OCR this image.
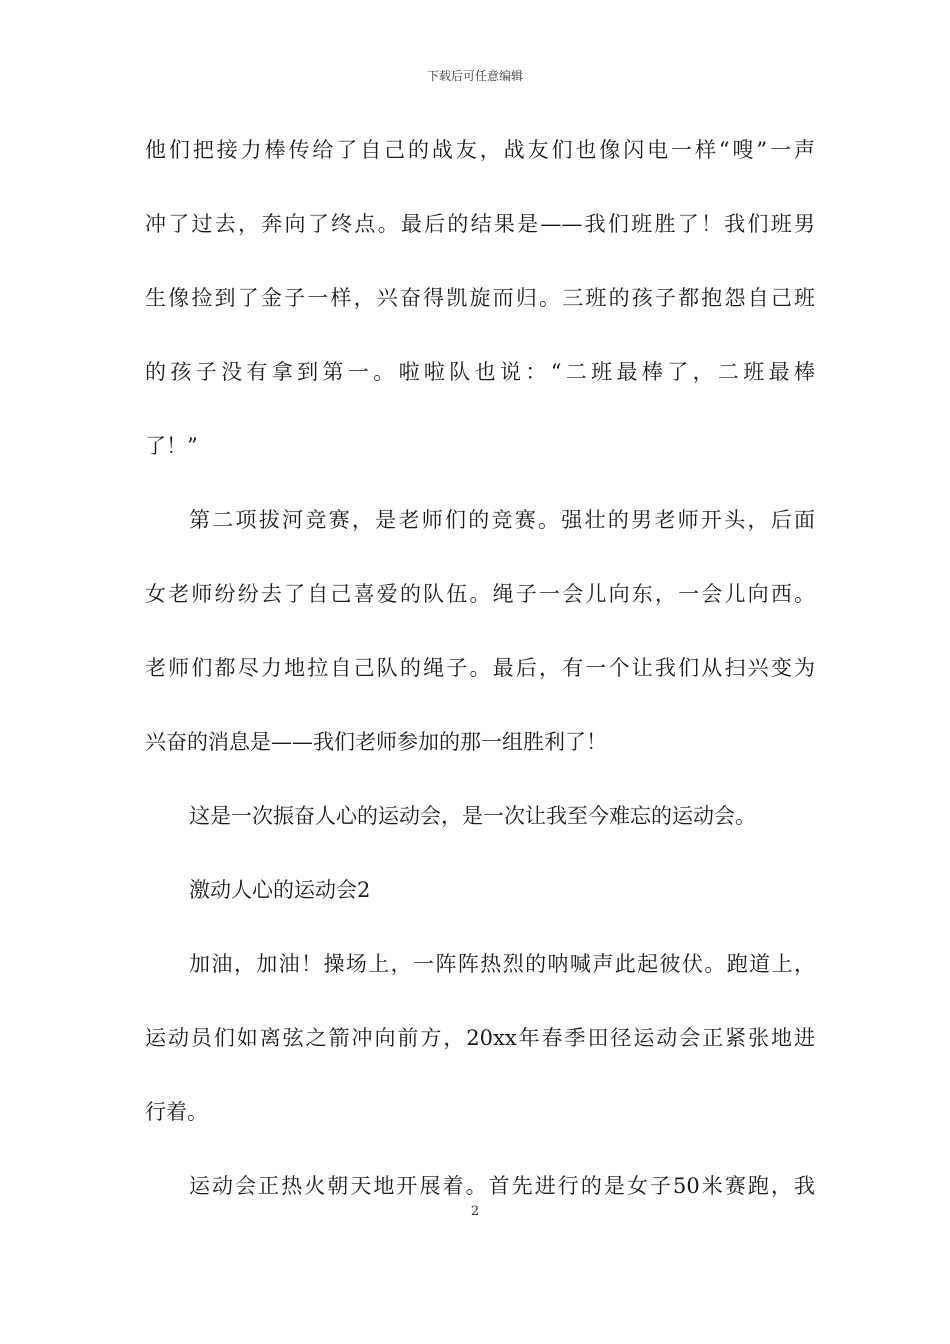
下载后可任意编辑
他们把接力棒传给了自己的战友，战友们也像闪电一样“嗖”一声
冲了过去，奔向了终点。最后的结果是——我们班胜了！我们班男
生像捡到了金子一样，兴奋得凯旋而归。三班的孩子都抱怨自己班
的孩子没有拿到第一。啦啦队也说：“二班最棒了，二班最棒
了！”
第二项拔河竞赛，是老师们的竞赛。强壮的男老师开头，后面
女老师纷纷去了自己喜爱的队伍。绳子一会儿向东，一会儿向西。
老师们都尽力地拉自己队的绳子。最后，有一个让我们从扫兴变为
兴奋的消息是——我们老师参加的那一组胜利了！
这是一次振奋人心的运动会，是一次让我至今难忘的运动会。
激动人心的运动会2
加油，加油！操场上，一阵阵热烈的呐喊声此起彼伏。跑道上，
运动员们如离弦之箭冲向前方，20xx年春季田径运动会正紧张地进
行着。
运动会正热火朝天地开展着。首先进行的是女子50米赛跑，我
2
